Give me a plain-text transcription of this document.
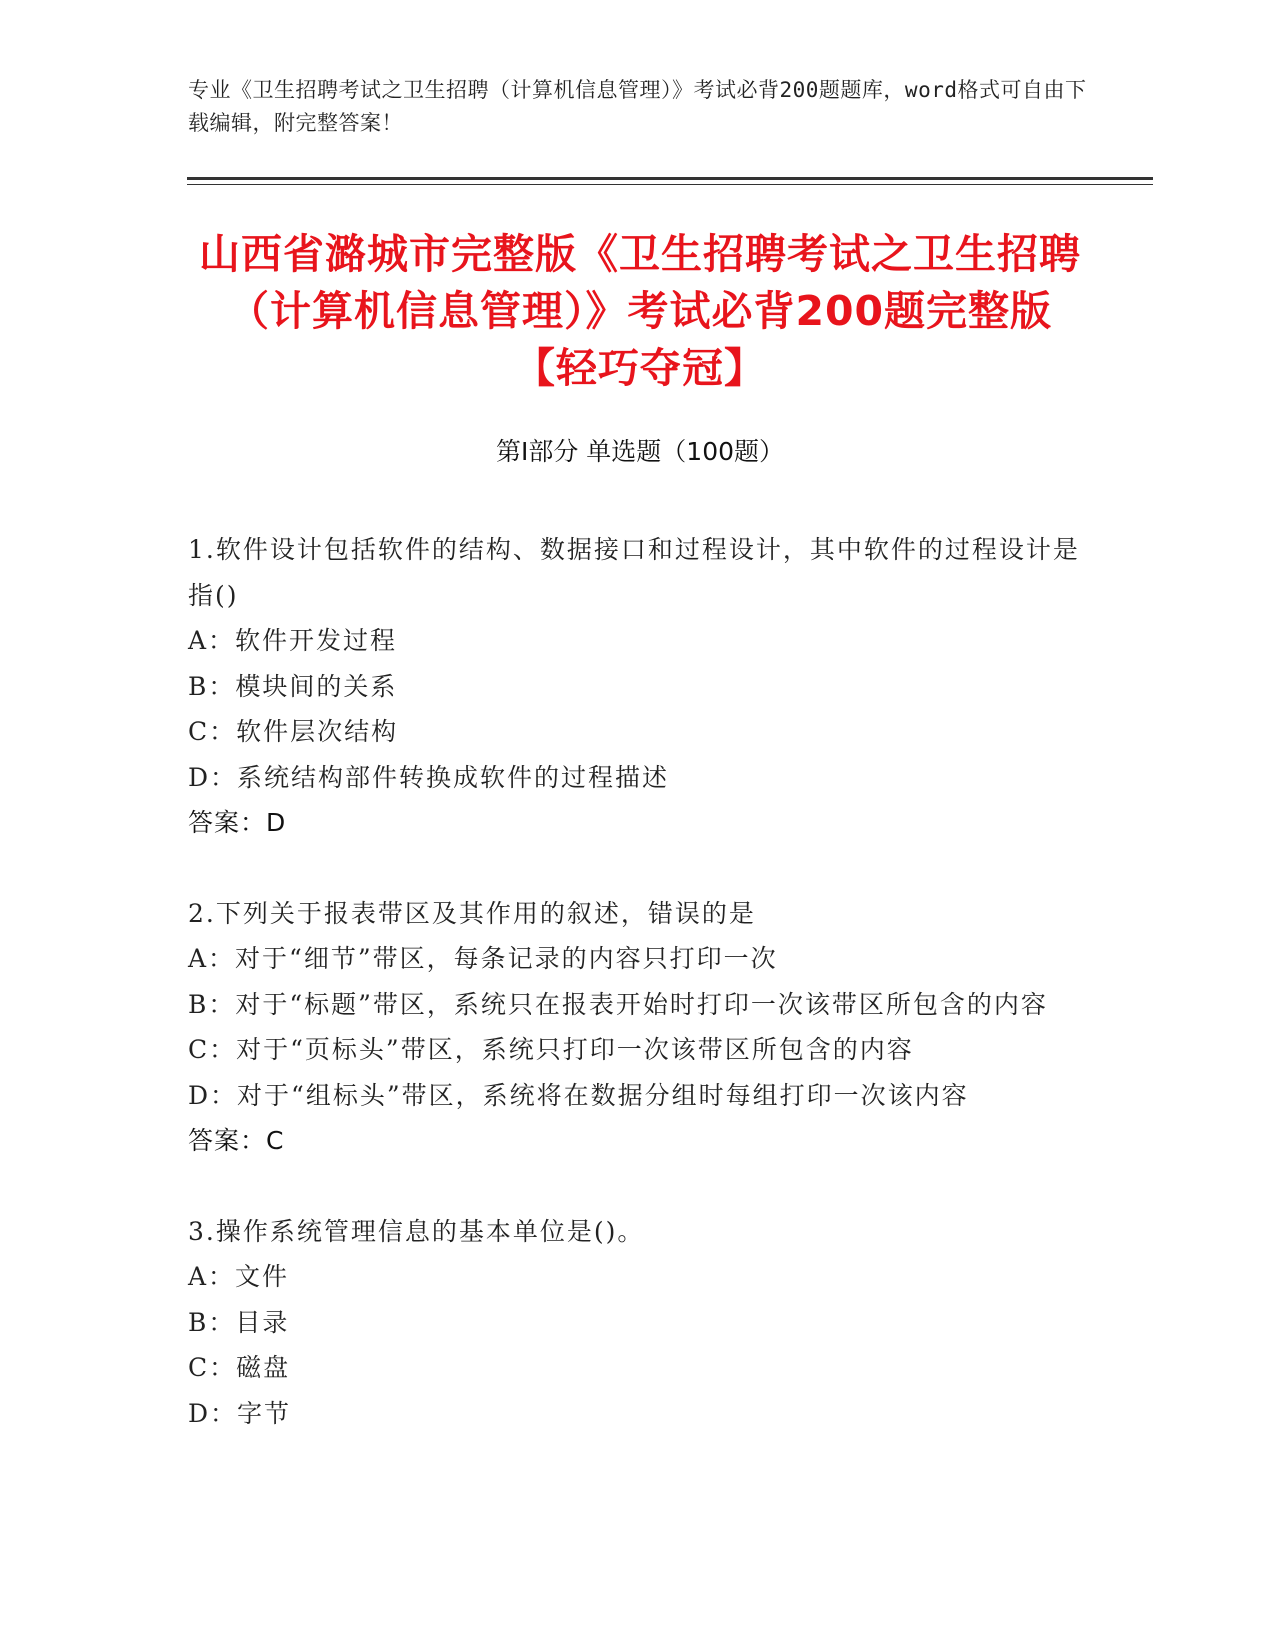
专业《卫生招聘考试之卫生招聘（计算机信息管理）》考试必背200题题库，word格式可自由下载编辑，附完整答案！
山西省潞城市完整版《卫生招聘考试之卫生招聘（计算机信息管理）》考试必背200题完整版【轻巧夺冠】
第Ⅰ部分 单选题（100题）

1.软件设计包括软件的结构、数据接口和过程设计，其中软件的过程设计是指()

A：软件开发过程

B：模块间的关系

C：软件层次结构

D：系统结构部件转换成软件的过程描述

答案：D

2.下列关于报表带区及其作用的叙述，错误的是

A：对于“细节”带区，每条记录的内容只打印一次

B：对于“标题”带区，系统只在报表开始时打印一次该带区所包含的内容

C：对于“页标头”带区，系统只打印一次该带区所包含的内容

D：对于“组标头”带区，系统将在数据分组时每组打印一次该内容

答案：C

3.操作系统管理信息的基本单位是()。

A：文件

B：目录

C：磁盘

D：字节
